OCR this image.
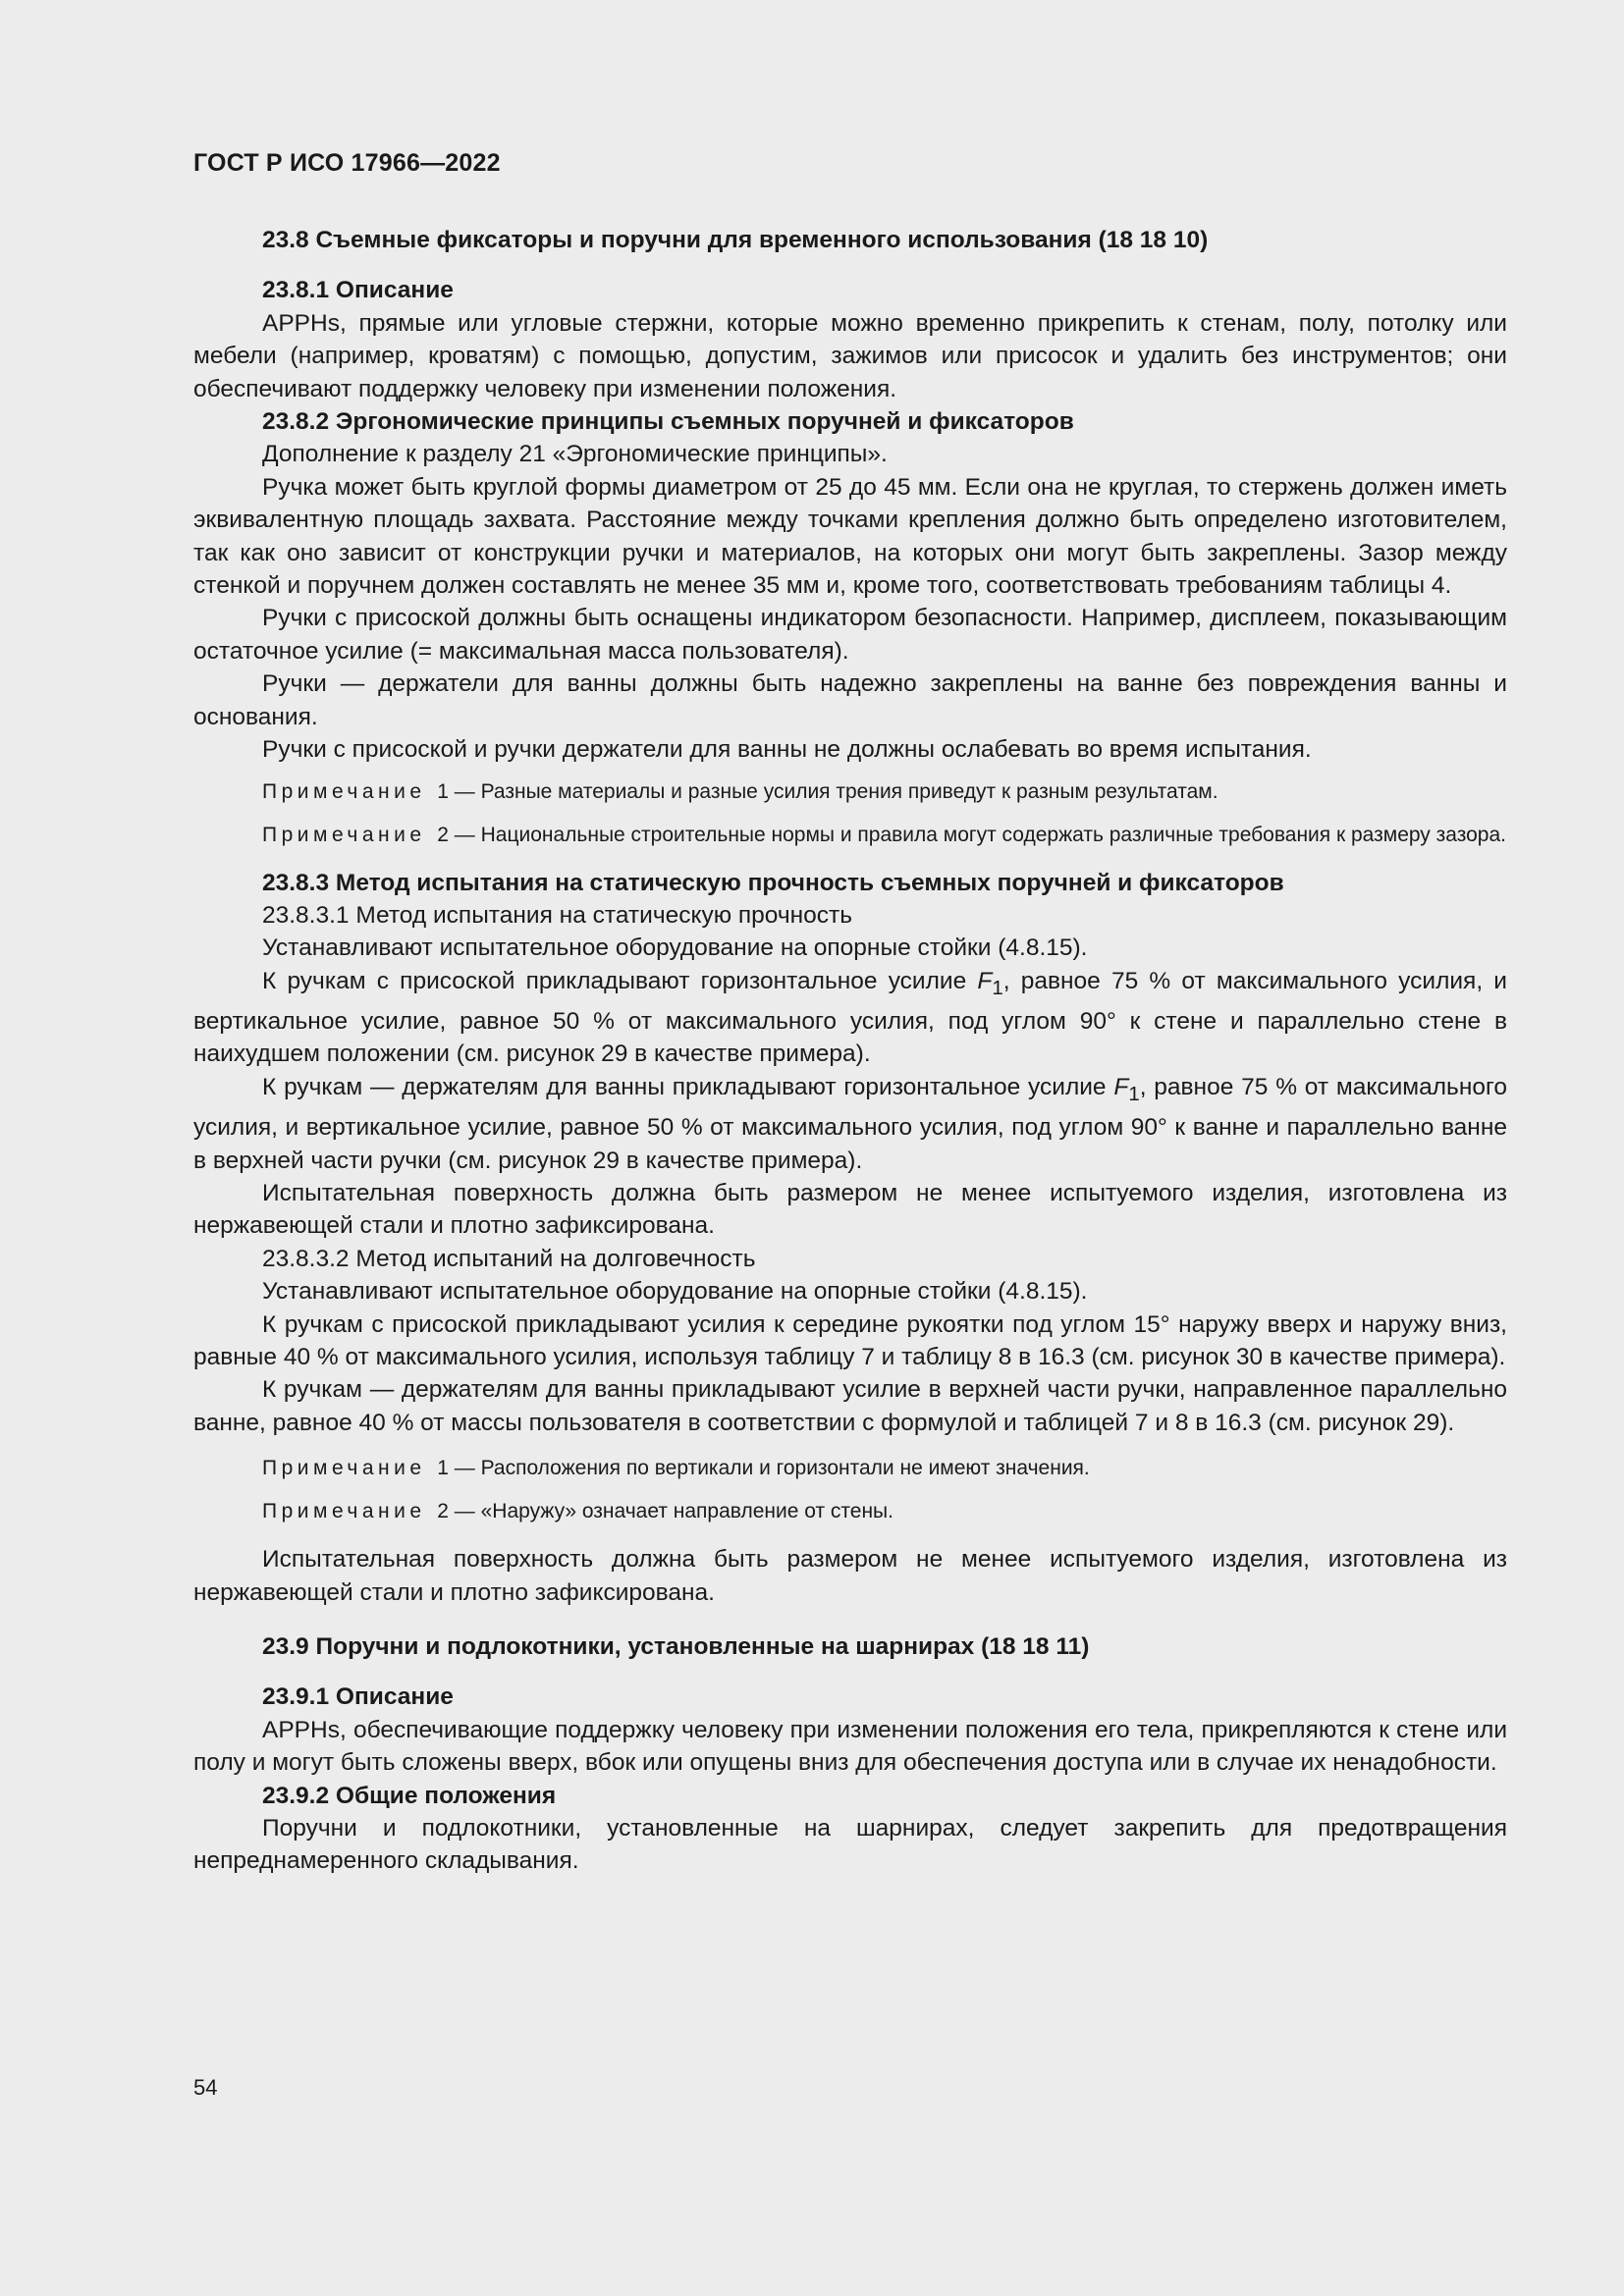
ГОСТ Р ИСО 17966—2022

23.8 Съемные фиксаторы и поручни для временного использования (18 18 10)

23.8.1 Описание

APPHs, прямые или угловые стержни, которые можно временно прикрепить к стенам, полу, потолку или мебели (например, кроватям) с помощью, допустим, зажимов или присосок и удалить без инструментов; они обеспечивают поддержку человеку при изменении положения.

23.8.2 Эргономические принципы съемных поручней и фиксаторов

Дополнение к разделу 21 «Эргономические принципы».

Ручка может быть круглой формы диаметром от 25 до 45 мм. Если она не круглая, то стержень должен иметь эквивалентную площадь захвата. Расстояние между точками крепления должно быть определено изготовителем, так как оно зависит от конструкции ручки и материалов, на которых они могут быть закреплены. Зазор между стенкой и поручнем должен составлять не менее 35 мм и, кроме того, соответствовать требованиям таблицы 4.

Ручки с присоской должны быть оснащены индикатором безопасности. Например, дисплеем, показывающим остаточное усилие (= максимальная масса пользователя).

Ручки — держатели для ванны должны быть надежно закреплены на ванне без повреждения ванны и основания.

Ручки с присоской и ручки держатели для ванны не должны ослабевать во время испытания.

Примечание 1 — Разные материалы и разные усилия трения приведут к разным результатам.

Примечание 2 — Национальные строительные нормы и правила могут содержать различные требования к размеру зазора.

23.8.3 Метод испытания на статическую прочность съемных поручней и фиксаторов

23.8.3.1 Метод испытания на статическую прочность

Устанавливают испытательное оборудование на опорные стойки (4.8.15).

К ручкам с присоской прикладывают горизонтальное усилие $F_1$, равное 75 % от максимального усилия, и вертикальное усилие, равное 50 % от максимального усилия, под углом 90° к стене и параллельно стене в наихудшем положении (см. рисунок 29 в качестве примера).

К ручкам — держателям для ванны прикладывают горизонтальное усилие $F_1$, равное 75 % от максимального усилия, и вертикальное усилие, равное 50 % от максимального усилия, под углом 90° к ванне и параллельно ванне в верхней части ручки (см. рисунок 29 в качестве примера).

Испытательная поверхность должна быть размером не менее испытуемого изделия, изготовлена из нержавеющей стали и плотно зафиксирована.

23.8.3.2 Метод испытаний на долговечность

Устанавливают испытательное оборудование на опорные стойки (4.8.15).

К ручкам с присоской прикладывают усилия к середине рукоятки под углом 15° наружу вверх и наружу вниз, равные 40 % от максимального усилия, используя таблицу 7 и таблицу 8 в 16.3 (см. рисунок 30 в качестве примера).

К ручкам — держателям для ванны прикладывают усилие в верхней части ручки, направленное параллельно ванне, равное 40 % от массы пользователя в соответствии с формулой и таблицей 7 и 8 в 16.3 (см. рисунок 29).

Примечание 1 — Расположения по вертикали и горизонтали не имеют значения.

Примечание 2 — «Наружу» означает направление от стены.

Испытательная поверхность должна быть размером не менее испытуемого изделия, изготовлена из нержавеющей стали и плотно зафиксирована.

23.9 Поручни и подлокотники, установленные на шарнирах (18 18 11)

23.9.1 Описание

APPHs, обеспечивающие поддержку человеку при изменении положения его тела, прикрепляются к стене или полу и могут быть сложены вверх, вбок или опущены вниз для обеспечения доступа или в случае их ненадобности.

23.9.2 Общие положения

Поручни и подлокотники, установленные на шарнирах, следует закрепить для предотвращения непреднамеренного складывания.

54
